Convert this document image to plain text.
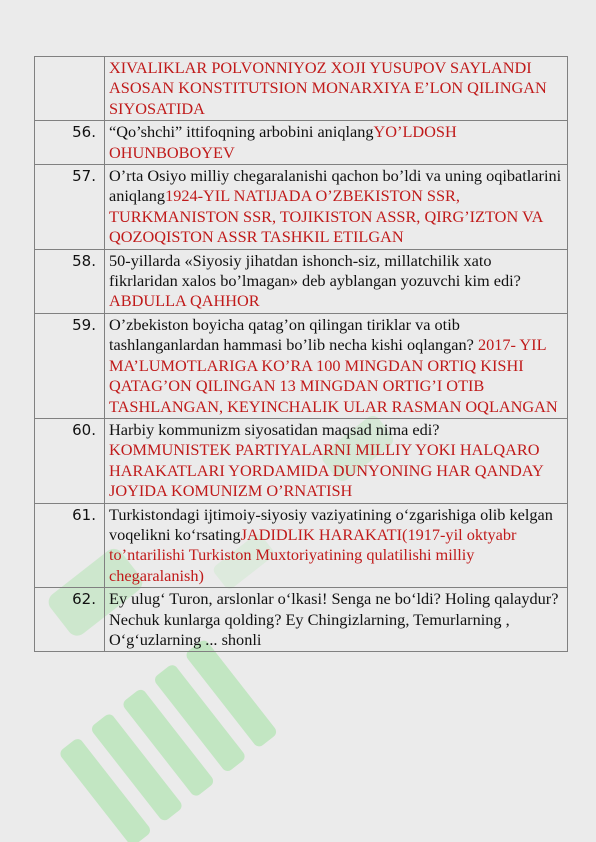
	XIVALIKLAR POLVONNIYOZ XOJI YUSUPOV SAYLANDI ASOSAN KONSTITUTSION MONARXIYA E’LON QILINGAN SIYOSATIDA
56.	“Qo’shchi” ittifoqning arbobini aniqlangYO’LDOSH OHUNBOBOYEV
57.	O’rta Osiyo milliy chegaralanishi qachon bo’ldi va uning oqibatlarini aniqlang1924-YIL NATIJADA O’ZBEKISTON SSR, TURKMANISTON SSR, TOJIKISTON ASSR, QIRG’IZTON VA QOZOQISTON ASSR TASHKIL ETILGAN
58.	50-yillarda «Siyosiy jihatdan ishonch-siz, millatchilik xato fikrlaridan xalos bo’lmagan» deb ayblangan yozuvchi kim edi?ABDULLA QAHHOR
59.	O’zbekiston boyicha qatag’on qilingan tiriklar va otib tashlanganlardan hammasi bo’lib necha kishi oqlangan? 2017- YIL MA’LUMOTLARIGA KO’RA 100 MINGDAN ORTIQ KISHI QATAG’ON QILINGAN 13 MINGDAN ORTIG’I OTIB TASHLANGAN, KEYINCHALIK ULAR RASMAN OQLANGAN
60.	Harbiy kommunizm siyosatidan maqsad nima edi? KOMMUNISTEK PARTIYALARNI MILLIY YOKI HALQARO HARAKATLARI YORDAMIDA DUNYONING HAR QANDAY JOYIDA KOMUNIZM O’RNATISH
61.	Turkistondagi ijtimoiy-siyosiy vaziyatining o‘zgarishiga olib kelgan voqelikni ko‘rsatingJADIDLIK HARAKATI(1917-yil oktyabr to’ntarilishi Turkiston Muxtoriyatining qulatilishi milliy chegaralanish)
62.	Ey ulug‘ Turon, arslonlar o‘lkasi! Senga ne bo‘ldi? Holing qalaydur? Nechuk kunlarga qolding? Ey Chingizlarning, Temurlarning , O‘g‘uzlarning ... shonli
